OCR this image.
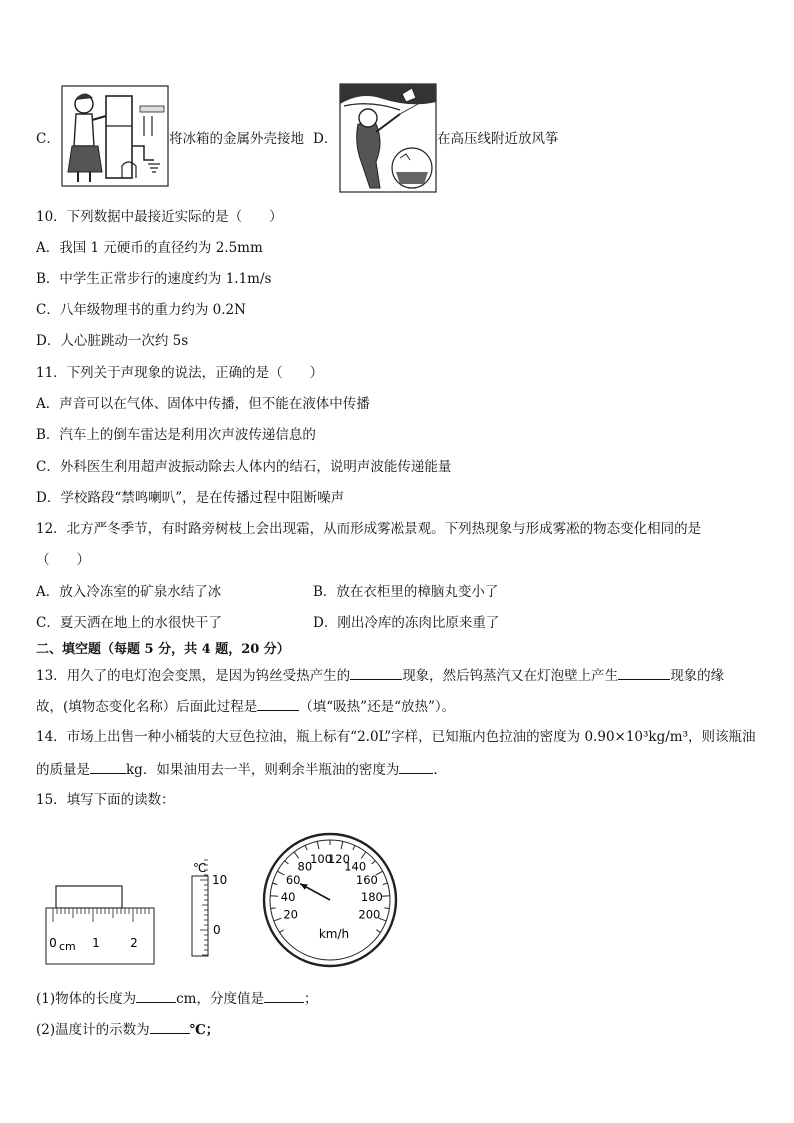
C．	将冰箱的金属外壳接地 D．	在高压线附近放风筝
10．下列数据中最接近实际的是（　　）
A．我国 1 元硬币的直径约为 2.5mm
B．中学生正常步行的速度约为 1.1m/s
C．八年级物理书的重力约为 0.2N
D．人心脏跳动一次约 5s
11．下列关于声现象的说法，正确的是（　　）
A．声音可以在气体、固体中传播，但不能在液体中传播
B．汽车上的倒车雷达是利用次声波传递信息的
C．外科医生利用超声波振动除去人体内的结石，说明声波能传递能量
D．学校路段“禁鸣喇叭”，是在传播过程中阻断噪声
12．北方严冬季节，有时路旁树枝上会出现霜，从而形成雾凇景观。下列热现象与形成雾凇的物态变化相同的是
（　　）
A．放入冷冻室的矿泉水结了冰	B．放在衣柜里的樟脑丸变小了
C．夏天洒在地上的水很快干了	D．刚出冷库的冻肉比原来重了
二、填空题（每题 5 分，共 4 题，20 分）
13．用久了的电灯泡会变黑，是因为钨丝受热产生的	现象，然后钨蒸汽又在灯泡壁上产生	现象的缘
故，(填物态变化名称）后面此过程是	（填“吸热”还是“放热”）。
14．市场上出售一种小桶装的大豆色拉油，瓶上标有“2.0L”字样，已知瓶内色拉油的密度为 0.90×10³kg/m³，则该瓶油
的质量是	kg．如果油用去一半，则剩余半瓶油的密度为	．
15．填写下面的读数：
0 cm 1	2
℃
10
0
20
40
60
80
100
120
140
160
180
200
km/h
(1)物体的长度为	cm，分度值是	；
(2)温度计的示数为	℃；
